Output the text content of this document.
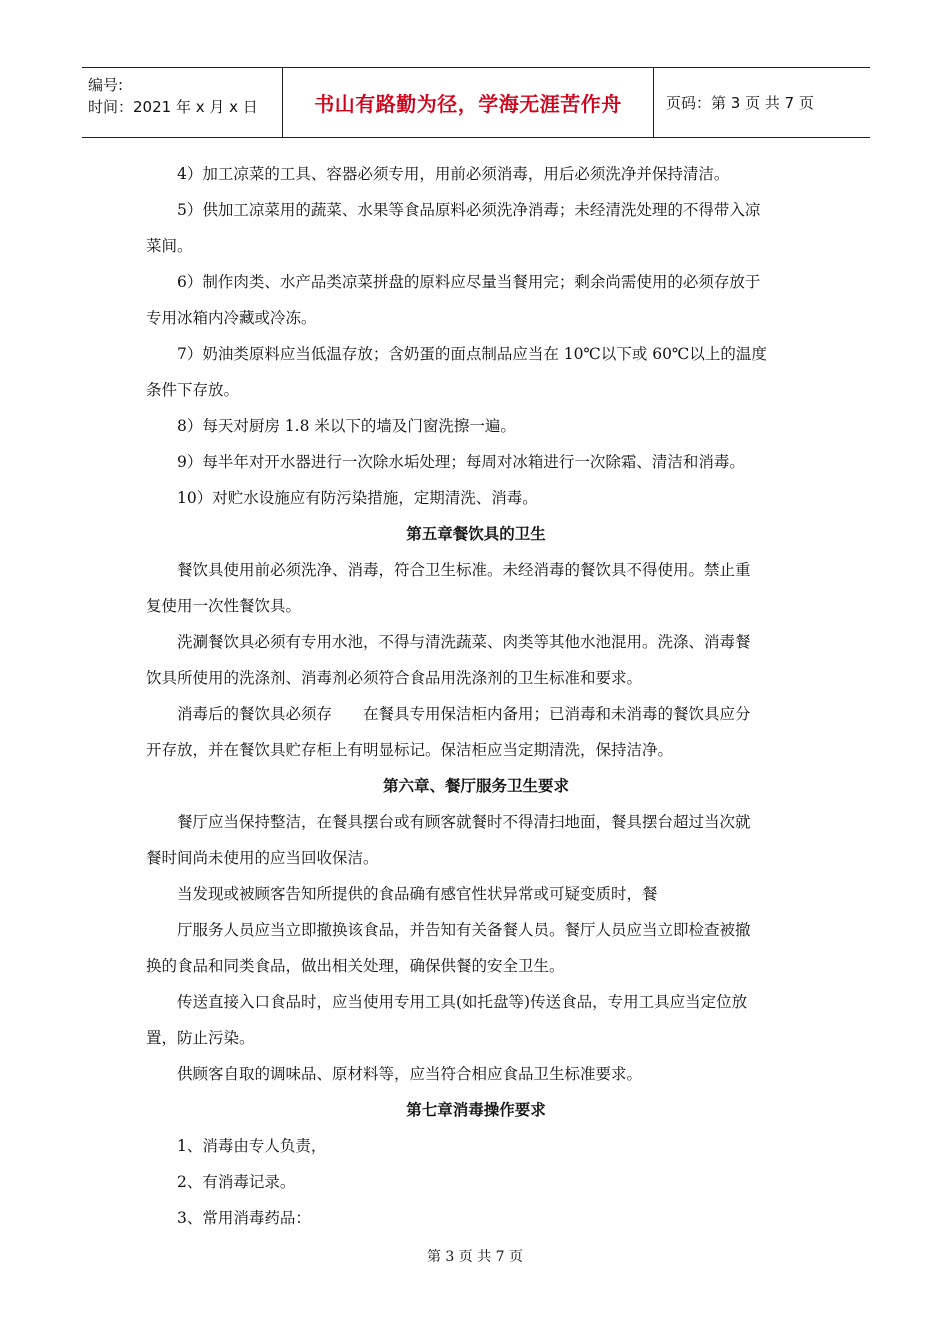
编号:
时间：2021 年 x 月 x 日	书山有路勤为径，学海无涯苦作舟	页码：第 3 页 共 7 页

4）加工凉菜的工具、容器必须专用，用前必须消毒，用后必须洗净并保持清洁。

5）供加工凉菜用的蔬菜、水果等食品原料必须洗净消毒；未经清洗处理的不得带入凉

菜间。

6）制作肉类、水产品类凉菜拼盘的原料应尽量当餐用完；剩余尚需使用的必须存放于

专用冰箱内冷藏或冷冻。

7）奶油类原料应当低温存放；含奶蛋的面点制品应当在 10℃以下或 60℃以上的温度

条件下存放。

8）每天对厨房 1.8 米以下的墙及门窗洗擦一遍。

9）每半年对开水器进行一次除水垢处理；每周对冰箱进行一次除霜、清洁和消毒。

10）对贮水设施应有防污染措施，定期清洗、消毒。

第五章餐饮具的卫生

餐饮具使用前必须洗净、消毒，符合卫生标准。未经消毒的餐饮具不得使用。禁止重

复使用一次性餐饮具。

洗涮餐饮具必须有专用水池，不得与清洗蔬菜、肉类等其他水池混用。洗涤、消毒餐

饮具所使用的洗涤剂、消毒剂必须符合食品用洗涤剂的卫生标准和要求。

消毒后的餐饮具必须存　　在餐具专用保洁柜内备用；已消毒和未消毒的餐饮具应分

开存放，并在餐饮具贮存柜上有明显标记。保洁柜应当定期清洗，保持洁净。

第六章、餐厅服务卫生要求

餐厅应当保持整洁，在餐具摆台或有顾客就餐时不得清扫地面，餐具摆台超过当次就

餐时间尚未使用的应当回收保洁。

当发现或被顾客告知所提供的食品确有感官性状异常或可疑变质时，餐

厅服务人员应当立即撤换该食品，并告知有关备餐人员。餐厅人员应当立即检查被撤

换的食品和同类食品，做出相关处理，确保供餐的安全卫生。

传送直接入口食品时，应当使用专用工具(如托盘等)传送食品，专用工具应当定位放

置，防止污染。

供顾客自取的调味品、原材料等，应当符合相应食品卫生标准要求。

第七章消毒操作要求

1、消毒由专人负责，

2、有消毒记录。

3、常用消毒药品：

第 3 页 共 7 页
